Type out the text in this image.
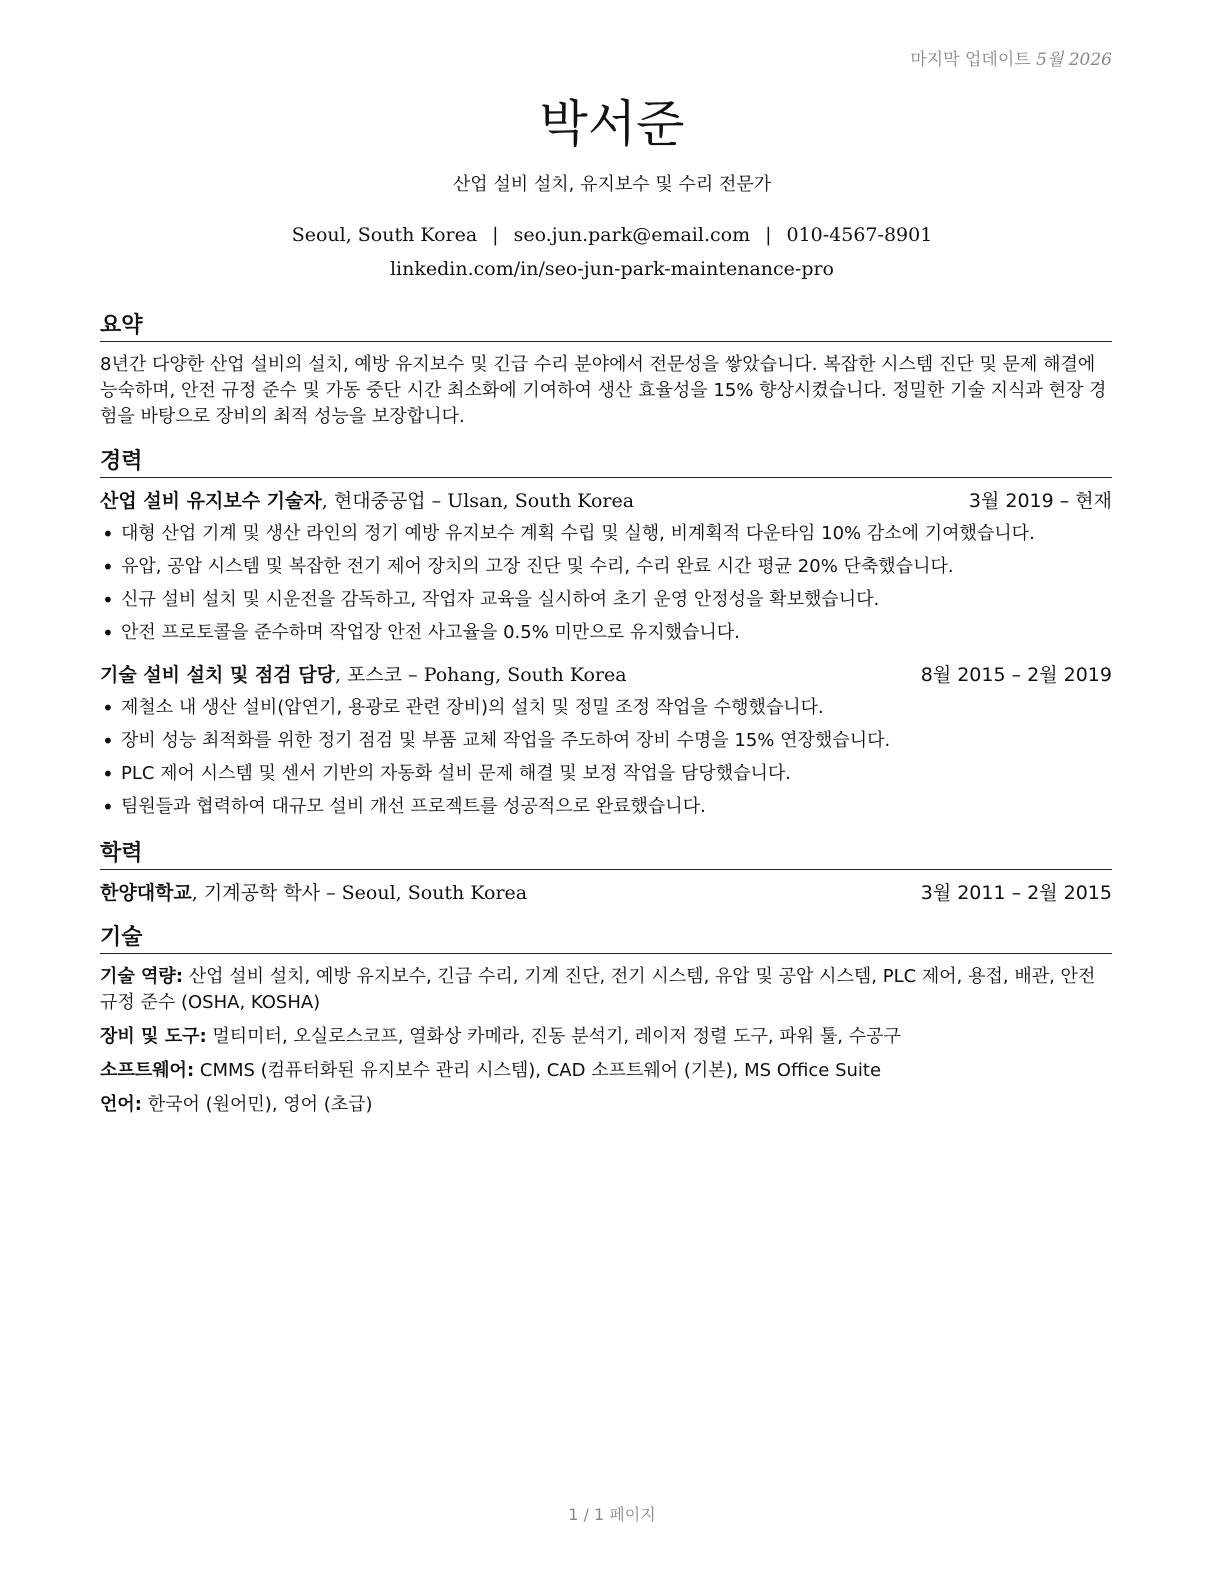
마지막 업데이트 5월 2026
박서준
산업 설비 설치, 유지보수 및 수리 전문가
Seoul, South Korea | seo.jun.park@email.com | 010-4567-8901
linkedin.com/in/seo-jun-park-maintenance-pro
요약

8년간 다양한 산업 설비의 설치, 예방 유지보수 및 긴급 수리 분야에서 전문성을 쌓았습니다. 복잡한 시스템 진단 및 문제 해결에 능숙하며, 안전 규정 준수 및 가동 중단 시간 최소화에 기여하여 생산 효율성을 15% 향상시켰습니다. 정밀한 기술 지식과 현장 경험을 바탕으로 장비의 최적 성능을 보장합니다.

경력
산업 설비 유지보수 기술자, 현대중공업 – Ulsan, South Korea	3월 2019 – 현재
• 대형 산업 기계 및 생산 라인의 정기 예방 유지보수 계획 수립 및 실행, 비계획적 다운타임 10% 감소에 기여했습니다.
• 유압, 공압 시스템 및 복잡한 전기 제어 장치의 고장 진단 및 수리, 수리 완료 시간 평균 20% 단축했습니다.
• 신규 설비 설치 및 시운전을 감독하고, 작업자 교육을 실시하여 초기 운영 안정성을 확보했습니다.
• 안전 프로토콜을 준수하며 작업장 안전 사고율을 0.5% 미만으로 유지했습니다.
기술 설비 설치 및 점검 담당, 포스코 – Pohang, South Korea	8월 2015 – 2월 2019
• 제철소 내 생산 설비(압연기, 용광로 관련 장비)의 설치 및 정밀 조정 작업을 수행했습니다.
• 장비 성능 최적화를 위한 정기 점검 및 부품 교체 작업을 주도하여 장비 수명을 15% 연장했습니다.
• PLC 제어 시스템 및 센서 기반의 자동화 설비 문제 해결 및 보정 작업을 담당했습니다.
• 팀원들과 협력하여 대규모 설비 개선 프로젝트를 성공적으로 완료했습니다.
학력
한양대학교, 기계공학 학사 – Seoul, South Korea	3월 2011 – 2월 2015
기술

기술 역량: 산업 설비 설치, 예방 유지보수, 긴급 수리, 기계 진단, 전기 시스템, 유압 및 공압 시스템, PLC 제어, 용접, 배관, 안전 규정 준수 (OSHA, KOSHA)

장비 및 도구: 멀티미터, 오실로스코프, 열화상 카메라, 진동 분석기, 레이저 정렬 도구, 파워 툴, 수공구

소프트웨어: CMMS (컴퓨터화된 유지보수 관리 시스템), CAD 소프트웨어 (기본), MS Office Suite

언어: 한국어 (원어민), 영어 (초급)

1 / 1 페이지
